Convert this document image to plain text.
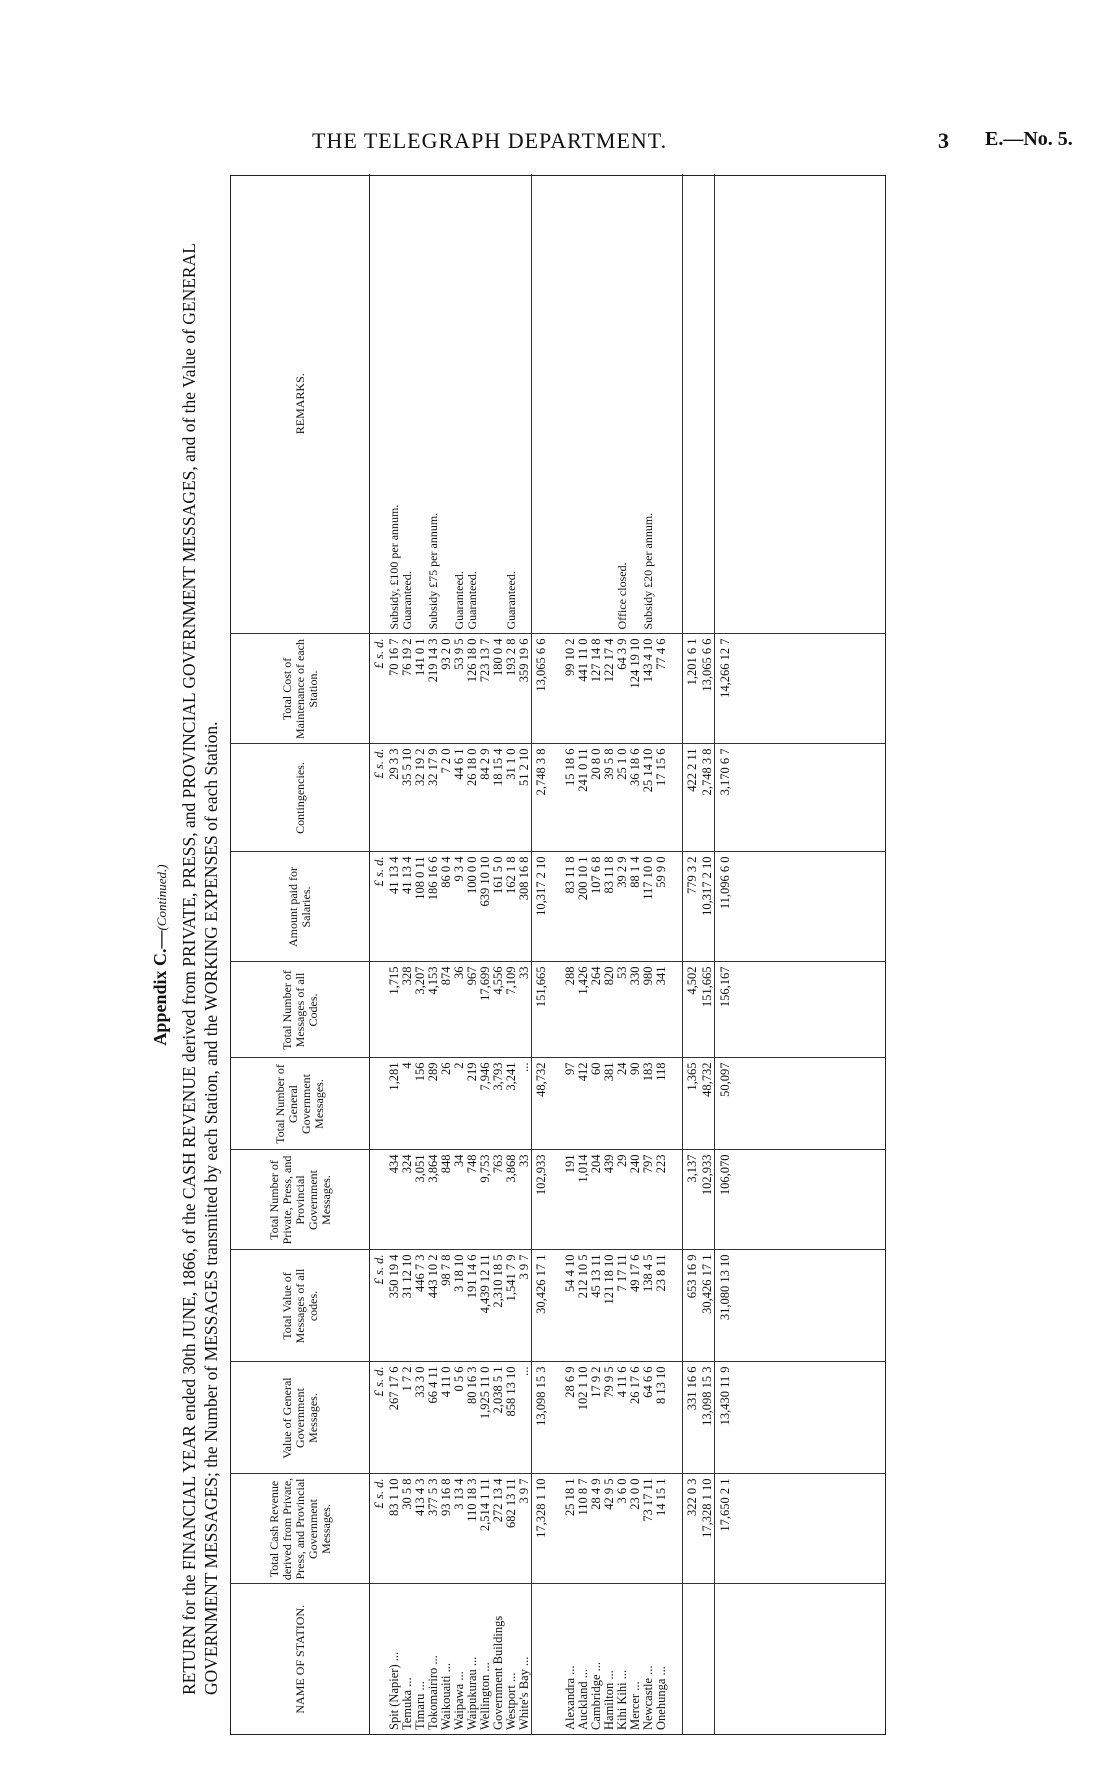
THE TELEGRAPH DEPARTMENT.	3 E.—No. 5.
Appendix C.—(Continued.) RETURN for the FINANCIAL YEAR ended 30th JUNE, 1866, of the CASH REVENUE derived from PRIVATE, PRESS, and PROVINCIAL GOVERNMENT MESSAGES, and of the Value of GENERAL GOVERNMENT MESSAGES; the Number of MESSAGES transmitted by each Station, and the WORKING EXPENSES of each Station.	NAME OF STATION.	Total Cash Revenue derived from Private, Press, and Provincial Government Messages.	Value of General Government Messages.	Total Value of Messages of all codes.	Total Number of Private, Press, and Provincial Government Messages.	Total Number of General Government Messages.	Total Number of Messages of all Codes.	Amount paid for Salaries.	Contingencies.	Total Cost of Maintenance of each Station.	REMARKS.
	£ s. d.	£ s. d.	£ s. d.				£ s. d.	£ s. d.	£ s. d.	
Spit (Napier) ...	83 1 10	267 17 6	350 19 4	434	1,281	1,715	41 13 4	29 3 3	70 16 7	Subsidy, £100 per annum.
Temuka ...	30 5 8	1 7 2	31 12 10	324	4	328	41 13 4	35 5 10	76 19 2	Guaranteed.
Timaru ...	413 4 3	33 3 0	446 7 3	3,051	156	3,207	108 0 11	32 19 2	141 0 1	
Tokomairiro ...	377 5 3	66 4 11	443 10 2	3,864	289	4,153	186 16 6	32 17 9	219 14 3	Subsidy £75 per annum.
Waikouaiti ...	93 16 8	4 11 0	98 7 8	848	26	874	86 0 4	7 2 0	93 2 0	
Waipawa ...	3 13 4	0 5 6	3 18 10	34	2	36	9 3 4	44 6 1	53 9 5	Guaranteed.
Waipukurau ...	110 18 3	80 16 3	191 14 6	748	219	967	100 0 0	26 18 0	126 18 0	Guaranteed.
Wellington ...	2,514 1 11	1,925 11 0	4,439 12 11	9,753	7,946	17,699	639 10 10	84 2 9	723 13 7	
Government Buildings	272 13 4	2,038 5 1	2,310 18 5	763	3,793	4,556	161 5 0	18 15 4	180 0 4	
Westport ...	682 13 11	858 13 10	1,541 7 9	3,868	3,241	7,109	162 1 8	31 1 0	193 2 8	Guaranteed.
White's Bay ...	3 9 7	...	3 9 7	33	...	33	308 16 8	51 2 10	359 19 6	
	17,328 1 10	13,098 15 3	30,426 17 1	102,933	48,732	151,665	10,317 2 10	2,748 3 8	13,065 6 6	

Alexandra ...	25 18 1	28 6 9	54 4 10	191	97	288	83 11 8	15 18 6	99 10 2	
Auckland ...	110 8 7	102 1 10	212 10 5	1,014	412	1,426	200 10 1	241 0 11	441 11 0	
Cambridge ...	28 4 9	17 9 2	45 13 11	204	60	264	107 6 8	20 8 0	127 14 8	
Hamilton ...	42 9 5	79 9 5	121 18 10	439	381	820	83 11 8	39 5 8	122 17 4	
Kihi Kihi ...	3 6 0	4 11 6	7 17 11	29	24	53	39 2 9	25 1 0	64 3 9	Office closed.
Mercer ...	23 0 0	26 17 6	49 17 6	240	90	330	88 1 4	36 18 6	124 19 10	
Newcastle ...	73 17 11	64 6 6	138 4 5	797	183	980	117 10 0	25 14 10	143 4 10	Subsidy £20 per annum.
Onehunga ...	14 15 1	8 13 10	23 8 11	223	118	341	59 9 0	17 15 6	77 4 6	

	322 0 3	331 16 6	653 16 9	3,137	1,365	4,502	779 3 2	422 2 11	1,201 6 1	
	17,328 1 10	13,098 15 3	30,426 17 1	102,933	48,732	151,665	10,317 2 10	2,748 3 8	13,065 6 6	
	17,650 2 1	13,430 11 9	31,080 13 10	106,070	50,097	156,167	11,096 6 0	3,170 6 7	14,266 12 7	
